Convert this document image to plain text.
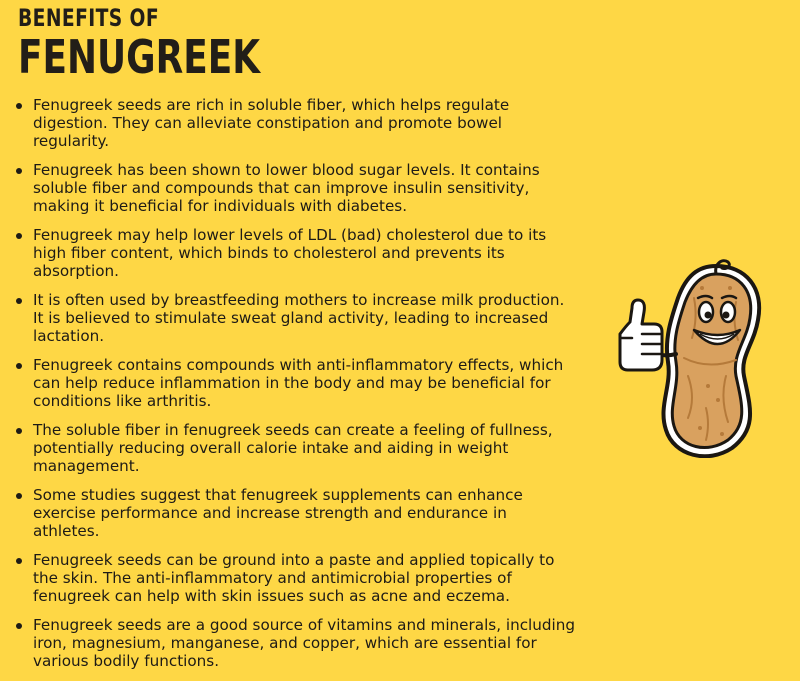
BENEFITS OF
FENUGREEK
Fenugreek seeds are rich in soluble fiber, which helps regulate digestion. They can alleviate constipation and promote bowel regularity.
Fenugreek has been shown to lower blood sugar levels. It contains soluble fiber and compounds that can improve insulin sensitivity, making it beneficial for individuals with diabetes.
Fenugreek may help lower levels of LDL (bad) cholesterol due to its high fiber content, which binds to cholesterol and prevents its absorption.
It is often used by breastfeeding mothers to increase milk production. It is believed to stimulate sweat gland activity, leading to increased lactation.
Fenugreek contains compounds with anti-inflammatory effects, which can help reduce inflammation in the body and may be beneficial for conditions like arthritis.
The soluble fiber in fenugreek seeds can create a feeling of fullness, potentially reducing overall calorie intake and aiding in weight management.
Some studies suggest that fenugreek supplements can enhance exercise performance and increase strength and endurance in athletes.
Fenugreek seeds can be ground into a paste and applied topically to the skin. The anti-inflammatory and antimicrobial properties of fenugreek can help with skin issues such as acne and eczema.
Fenugreek seeds are a good source of vitamins and minerals, including iron, magnesium, manganese, and copper, which are essential for various bodily functions.
